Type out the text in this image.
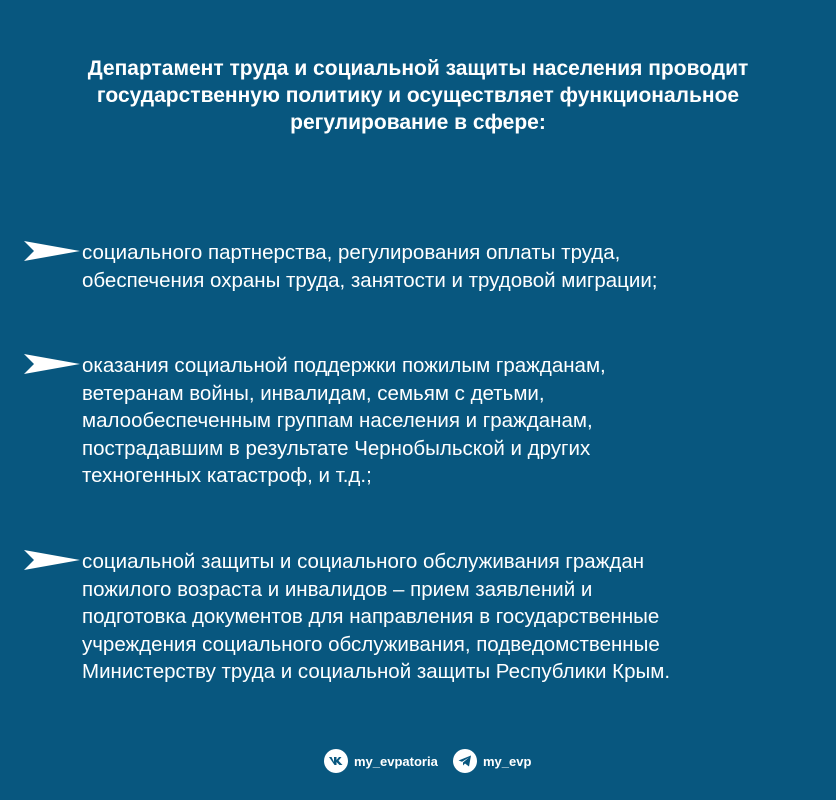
Департамент труда и социальной защиты населения проводит
государственную политику и осуществляет функциональное
регулирование в сфере:
социального партнерства, регулирования оплаты труда,
обеспечения охраны труда, занятости и трудовой миграции;
оказания социальной поддержки пожилым гражданам,
ветеранам войны, инвалидам, семьям с детьми,
малообеспеченным группам населения и гражданам,
пострадавшим в результате Чернобыльской и других
техногенных катастроф, и т.д.;
социальной защиты и социального обслуживания граждан
пожилого возраста и инвалидов – прием заявлений и
подготовка документов для направления в государственные
учреждения социального обслуживания, подведомственные
Министерству труда и социальной защиты Республики Крым.
my_evpatoria	my_evp
